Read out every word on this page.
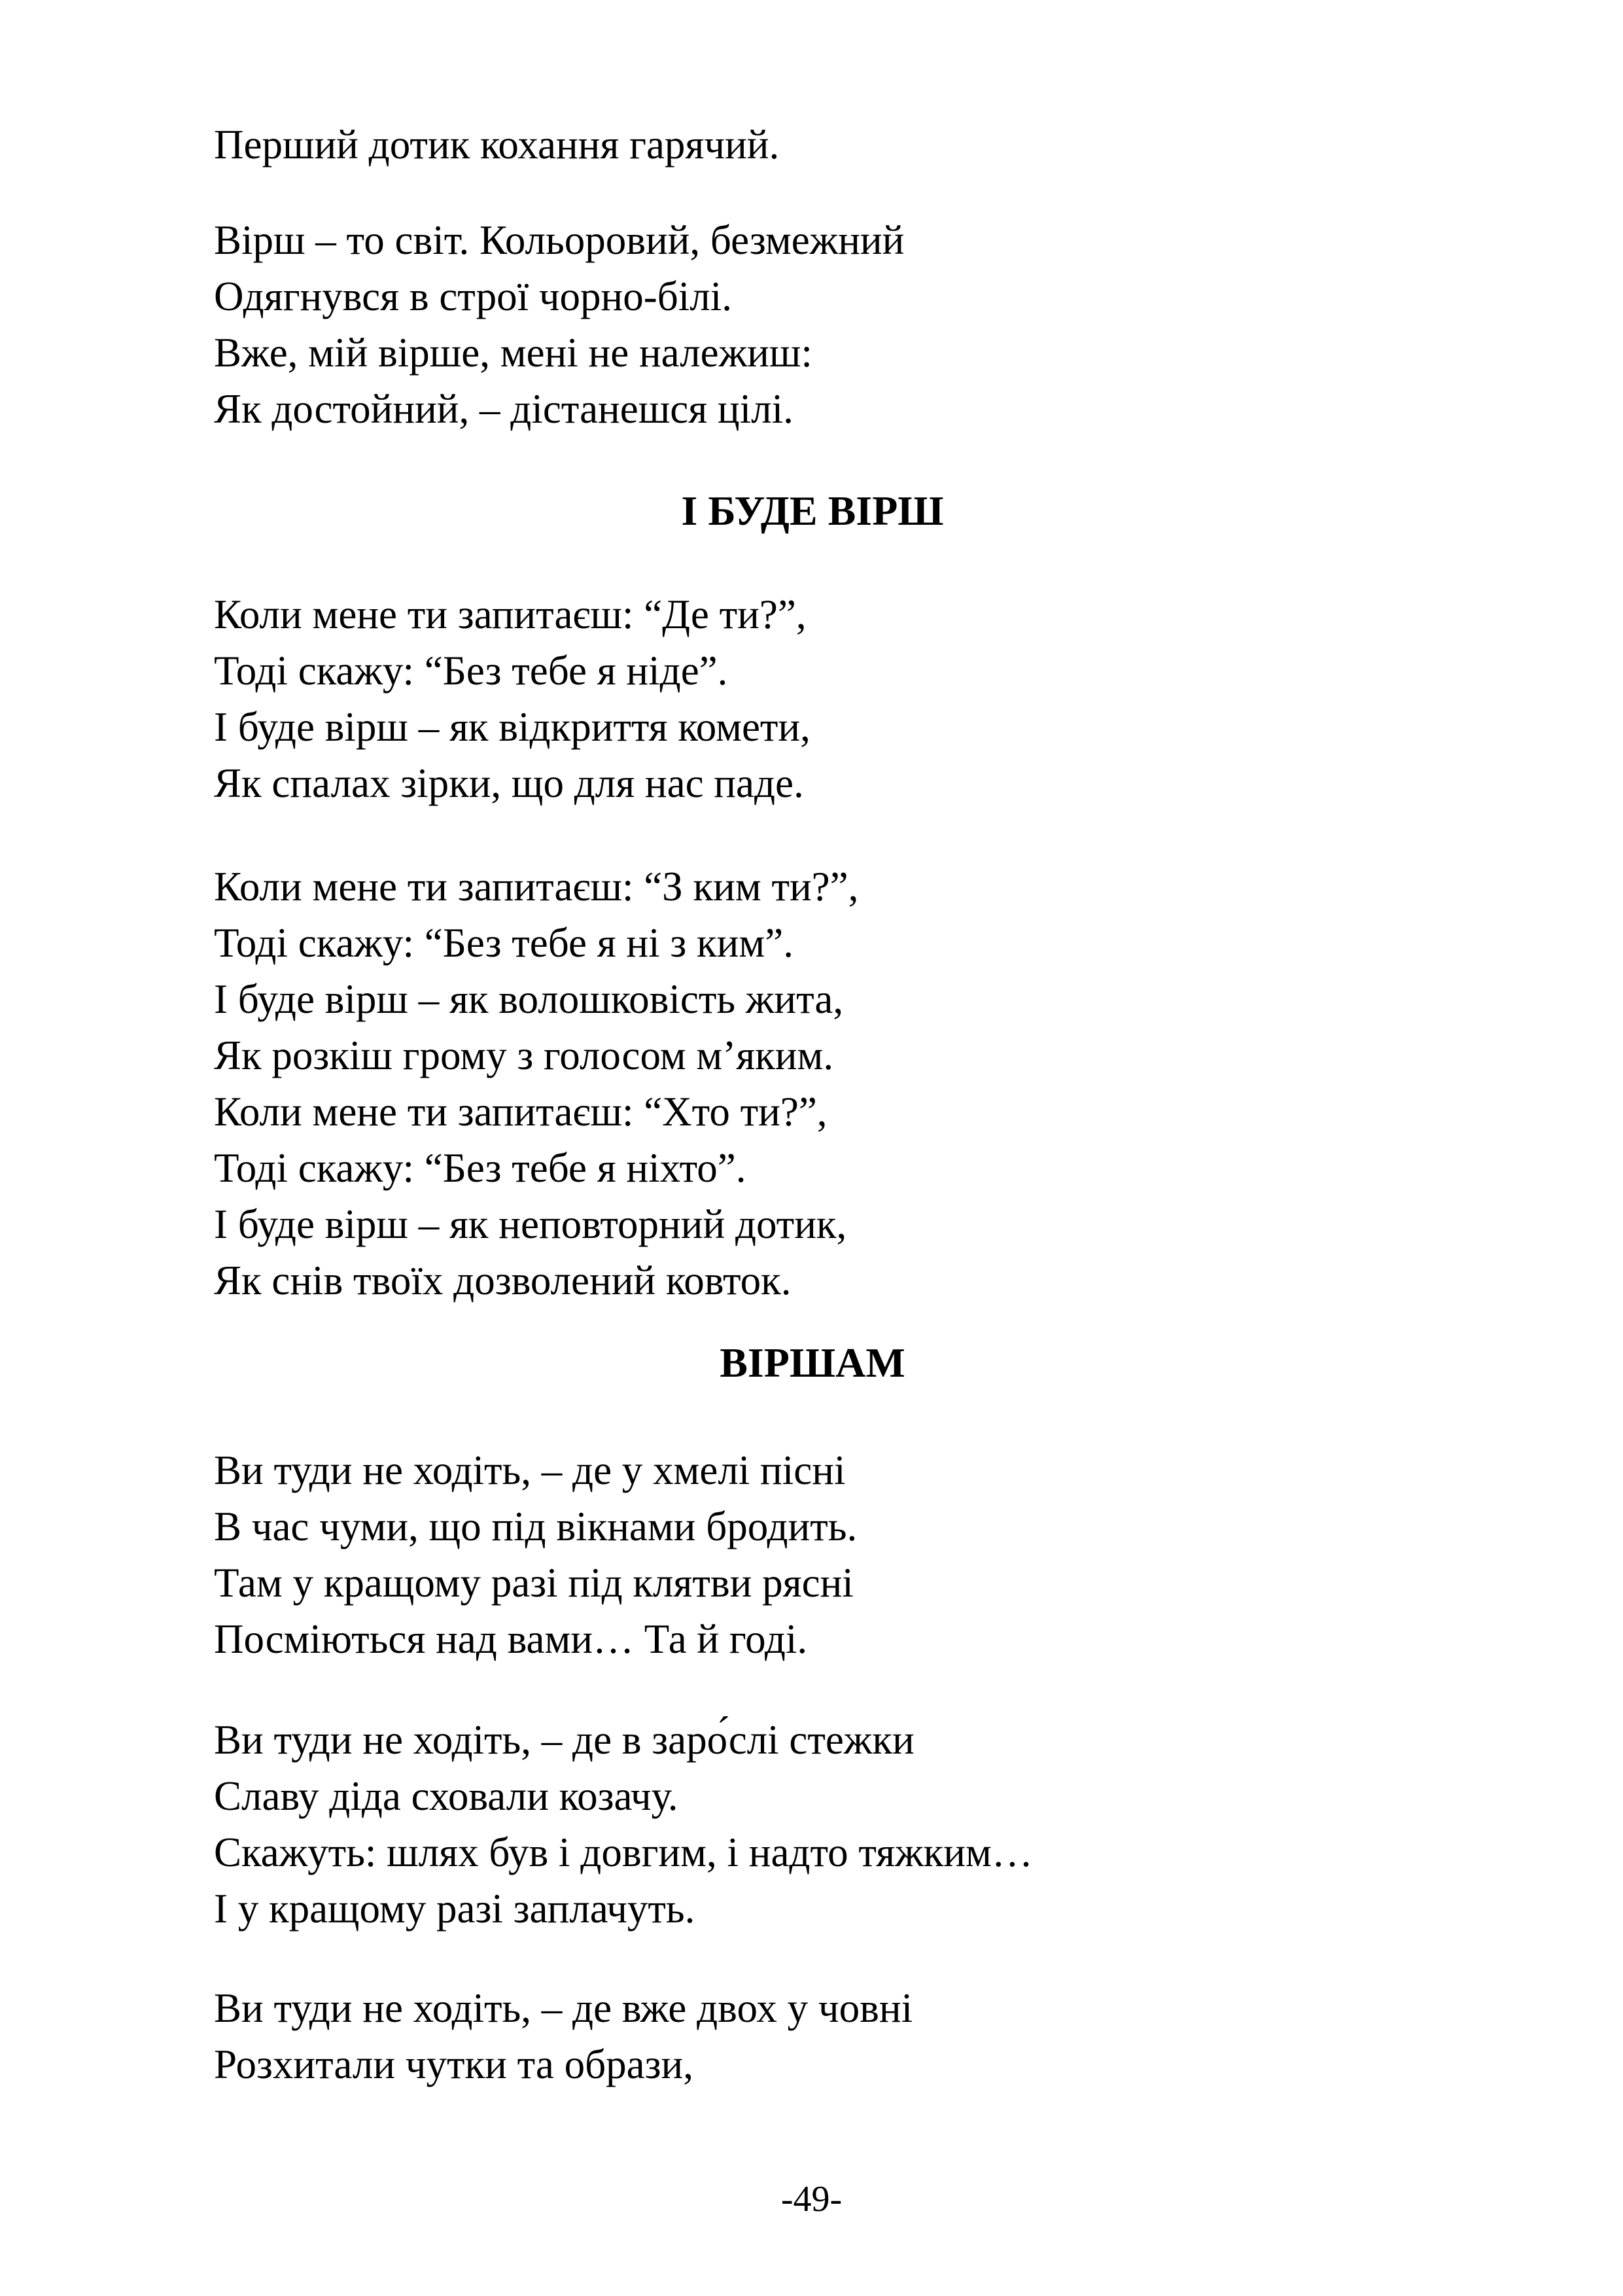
Перший дотик кохання гарячий.
Вірш – то світ. Кольоровий, безмежний
Одягнувся в строї чорно-білі.
Вже, мій вірше, мені не належиш:
Як достойний, – дістанешся цілі.
І БУДЕ ВІРШ
Коли мене ти запитаєш: “Де ти?”,
Тоді скажу: “Без тебе я ніде”.
І буде вірш – як відкриття комети,
Як спалах зірки, що для нас паде.
Коли мене ти запитаєш: “З ким ти?”,
Тоді скажу: “Без тебе я ні з ким”.
І буде вірш – як волошковість жита,
Як розкіш грому з голосом м’яким.
Коли мене ти запитаєш: “Хто ти?”,
Тоді скажу: “Без тебе я ніхто”.
І буде вірш – як неповторний дотик,
Як снів твоїх дозволений ковток.
ВІРШАМ
Ви туди не ходіть, – де у хмелі пісні
В час чуми, що під вікнами бродить.
Там у кращому разі під клятви рясні
Посміються над вами… Та й годі.
Ви туди не ходіть, – де в заро́слі стежки
Славу діда сховали козачу.
Скажуть: шлях був і довгим, і надто тяжким…
І у кращому разі заплачуть.
Ви туди не ходіть, – де вже двох у човні
Розхитали чутки та образи,
-49-
